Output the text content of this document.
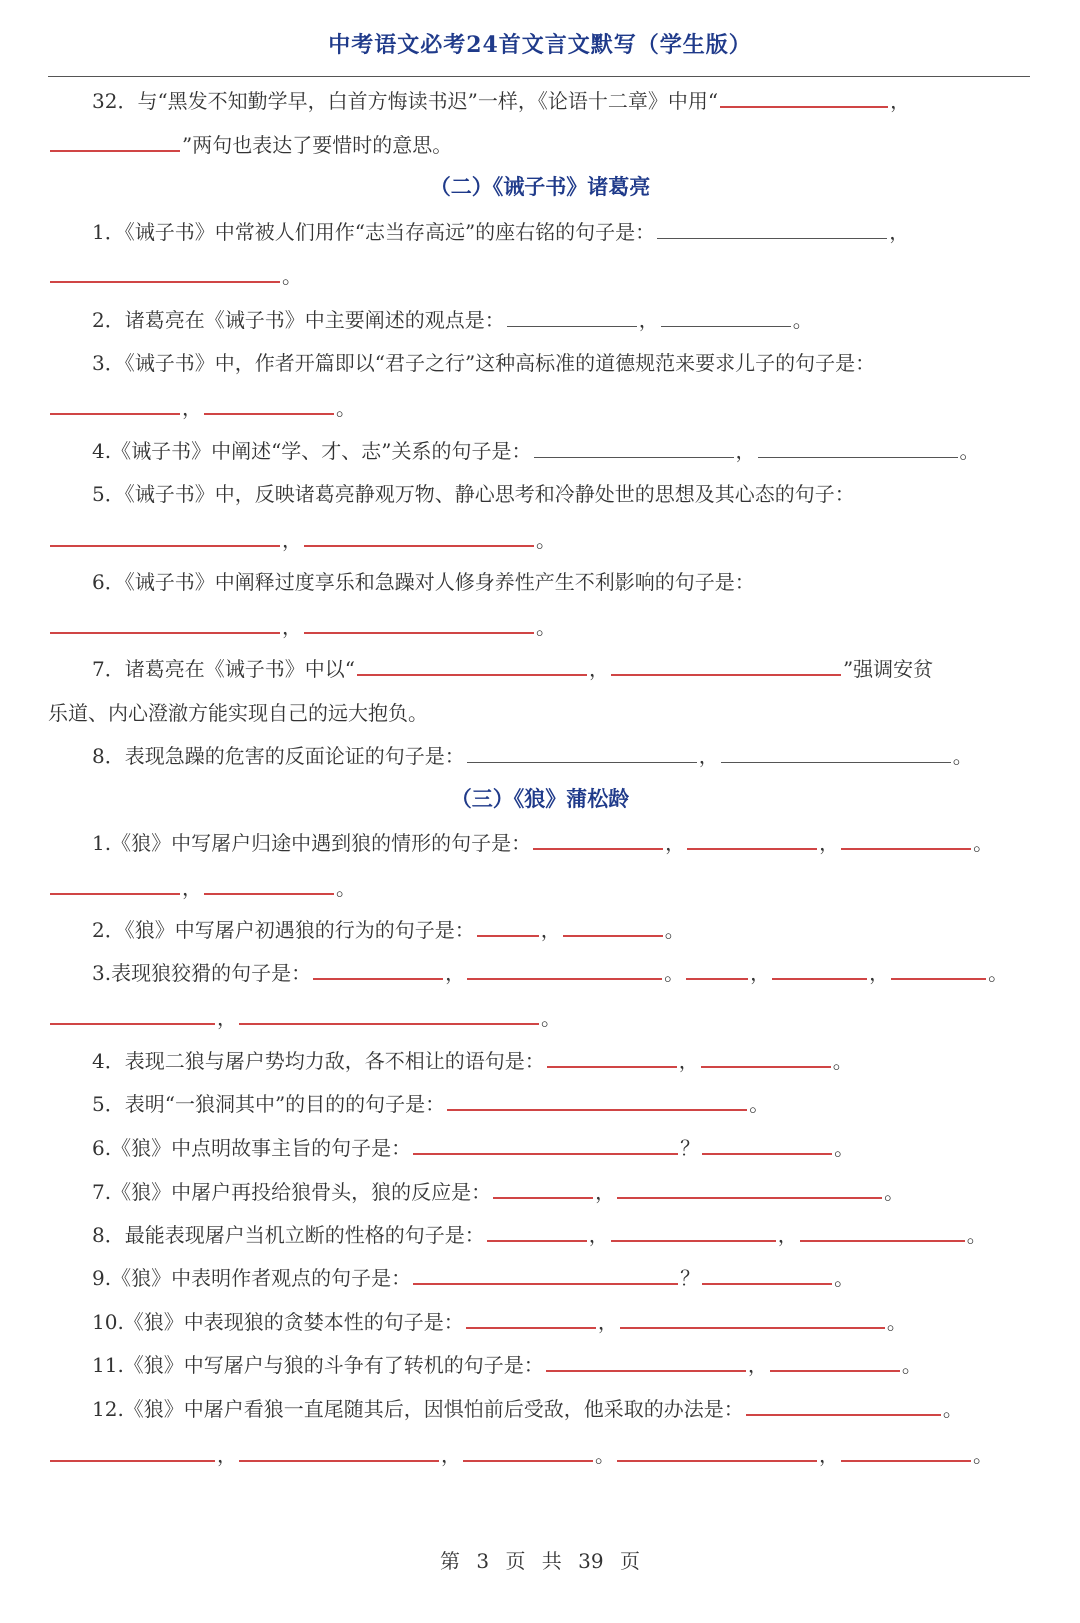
中考语文必考24首文言文默写（学生版）
32．与“黑发不知勤学早，白首方悔读书迟”一样，《论语十二章》中用“	，
”两句也表达了要惜时的意思。
（二）《诫子书》诸葛亮
1．《诫子书》中常被人们用作“志当存高远”的座右铭的句子是：	，
。
2．诸葛亮在《诫子书》中主要阐述的观点是：	，	。
3．《诫子书》中，作者开篇即以“君子之行”这种高标准的道德规范来要求儿子的句子是：
，	。
4.《诫子书》中阐述“学、才、志”关系的句子是：	，	。
5．《诫子书》中，反映诸葛亮静观万物、静心思考和冷静处世的思想及其心态的句子：
，	。
6．《诫子书》中阐释过度享乐和急躁对人修身养性产生不利影响的句子是：
，	。
7．诸葛亮在《诫子书》中以“	，	”强调安贫
乐道、内心澄澈方能实现自己的远大抱负。
8．表现急躁的危害的反面论证的句子是：	，	。
（三）《狼》蒲松龄
1.《狼》中写屠户归途中遇到狼的情形的句子是：	，	，	。
，	。
2．《狼》中写屠户初遇狼的行为的句子是：	，	。
3.表现狼狡猾的句子是：	，	。	，	，	。
，	。
4．表现二狼与屠户势均力敌，各不相让的语句是：	，	。
5．表明“一狼洞其中”的目的的句子是：	。
6.《狼》中点明故事主旨的句子是：	？	。
7.《狼》中屠户再投给狼骨头，狼的反应是：	，	。
8．最能表现屠户当机立断的性格的句子是：	，	，	。
9.《狼》中表明作者观点的句子是：	？	。
10.《狼》中表现狼的贪婪本性的句子是：	，	。
11.《狼》中写屠户与狼的斗争有了转机的句子是：	，	。
12.《狼》中屠户看狼一直尾随其后，因惧怕前后受敌，他采取的办法是：	。
，	，	。	，	。
第 3 页 共 39 页
